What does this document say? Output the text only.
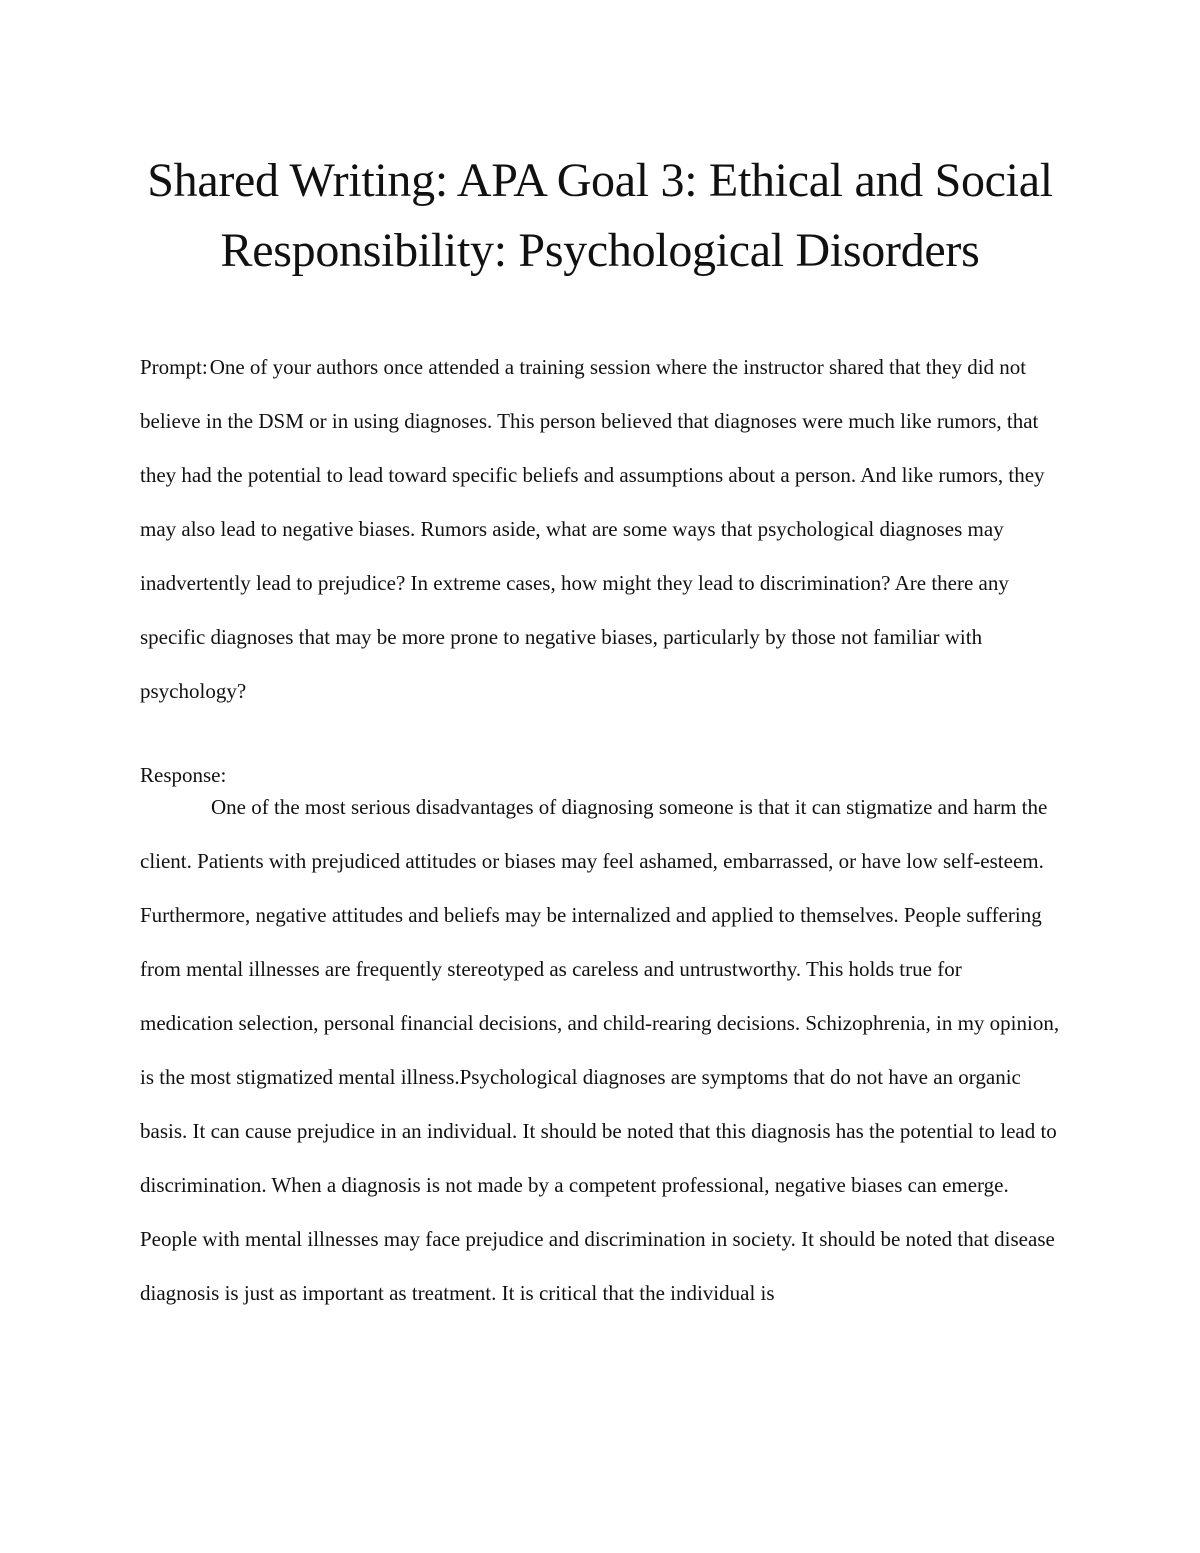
Shared Writing: APA Goal 3: Ethical and Social Responsibility: Psychological Disorders

Prompt:One of your authors once attended a training session where the instructor shared that they did not believe in the DSM or in using diagnoses. This person believed that diagnoses were much like rumors, that they had the potential to lead toward specific beliefs and assumptions about a person. And like rumors, they may also lead to negative biases. Rumors aside, what are some ways that psychological diagnoses may inadvertently lead to prejudice? In extreme cases, how might they lead to discrimination? Are there any specific diagnoses that may be more prone to negative biases, particularly by those not familiar with psychology?

Response:

One of the most serious disadvantages of diagnosing someone is that it can stigmatize and harm the client. Patients with prejudiced attitudes or biases may feel ashamed, embarrassed, or have low self-esteem. Furthermore, negative attitudes and beliefs may be internalized and applied to themselves. People suffering from mental illnesses are frequently stereotyped as careless and untrustworthy. This holds true for medication selection, personal financial decisions, and child-rearing decisions. Schizophrenia, in my opinion, is the most stigmatized mental illness.Psychological diagnoses are symptoms that do not have an organic basis. It can cause prejudice in an individual. It should be noted that this diagnosis has the potential to lead to discrimination. When a diagnosis is not made by a competent professional, negative biases can emerge. People with mental illnesses may face prejudice and discrimination in society. It should be noted that disease diagnosis is just as important as treatment. It is critical that the individual is
